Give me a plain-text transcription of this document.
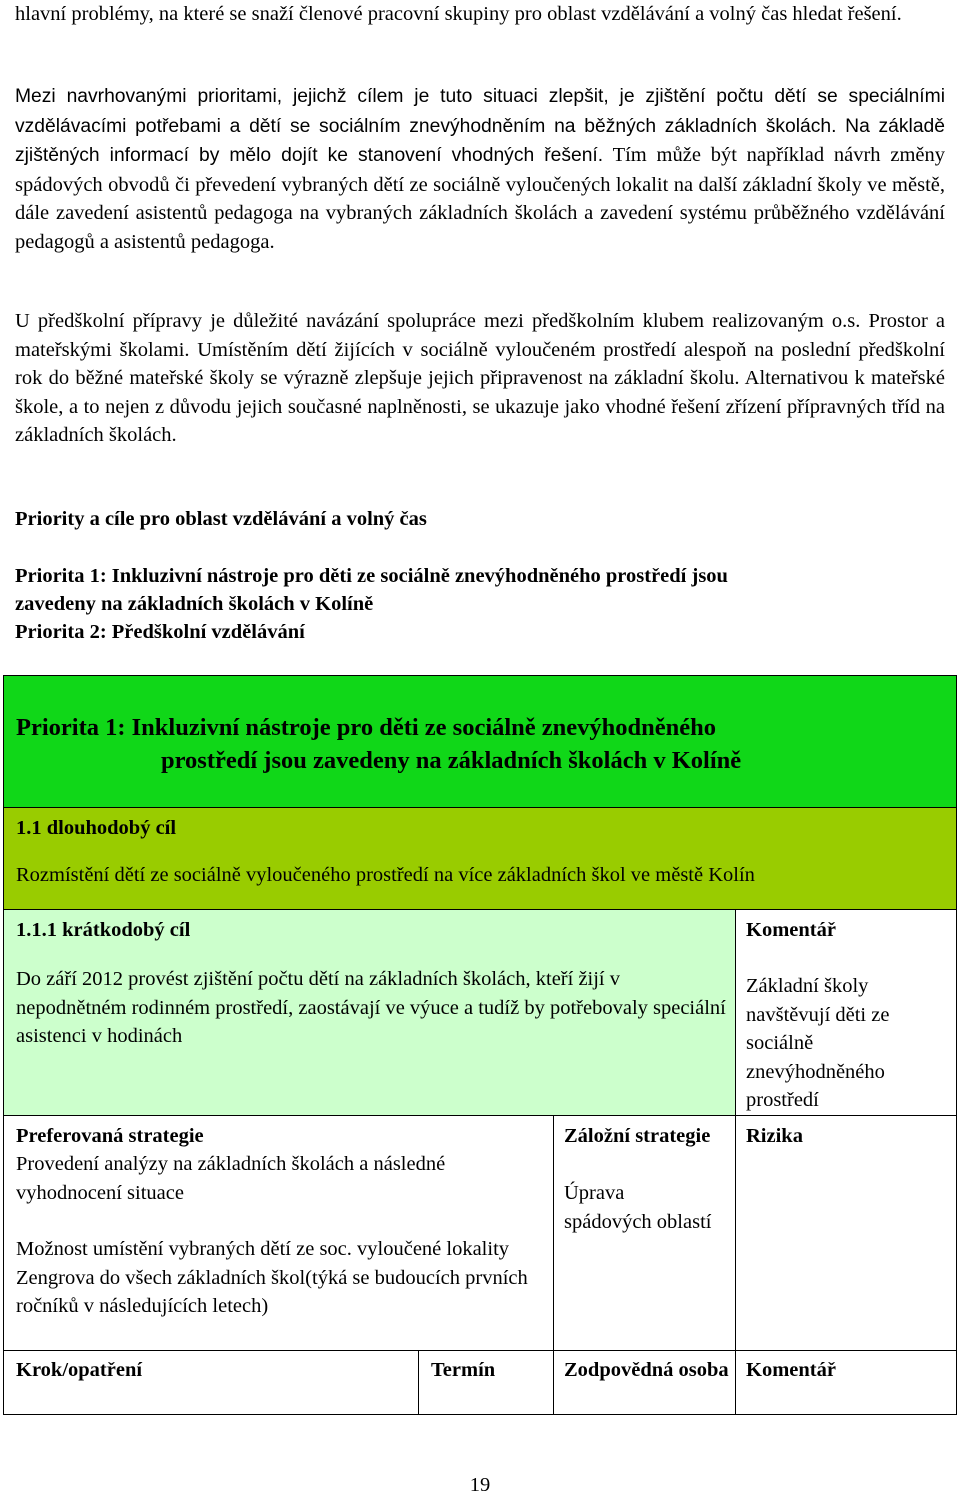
hlavní problémy, na které se snaží členové pracovní skupiny pro oblast vzdělávání a volný čas hledat řešení.

Mezi navrhovanými prioritami, jejichž cílem je tuto situaci zlepšit, je zjištění počtu dětí se speciálními vzdělávacími potřebami a dětí se sociálním znevýhodněním na běžných základních školách. Na základě zjištěných informací by mělo dojít ke stanovení vhodných řešení. Tím může být například návrh změny spádových obvodů či převedení vybraných dětí ze sociálně vyloučených lokalit na další základní školy ve městě, dále zavedení asistentů pedagoga na vybraných základních školách a zavedení systému průběžného vzdělávání pedagogů a asistentů pedagoga.

U předškolní přípravy je důležité navázání spolupráce mezi předškolním klubem realizovaným o.s. Prostor a mateřskými školami. Umístěním dětí žijících v sociálně vyloučeném prostředí alespoň na poslední předškolní rok do běžné mateřské školy se výrazně zlepšuje jejich připravenost na základní školu. Alternativou k mateřské škole, a to nejen z důvodu jejich současné naplněnosti, se ukazuje jako vhodné řešení zřízení přípravných tříd na základních školách.

Priority a cíle pro oblast vzdělávání a volný čas

Priorita 1: Inkluzivní nástroje pro děti ze sociálně znevýhodněného prostředí jsou

zavedeny na základních školách v Kolíně

Priorita 2: Předškolní vzdělávání

Priorita 1: Inkluzivní nástroje pro děti ze sociálně znevýhodněného
prostředí jsou zavedeny na základních školách v Kolíně
1.1 dlouhodobý cíl
Rozmístění dětí ze sociálně vyloučeného prostředí na více základních škol ve městě Kolín
1.1.1 krátkodobý cíl
Do září 2012 provést zjištění počtu dětí na základních školách, kteří žijí v nepodnětném rodinném prostředí, zaostávají ve výuce a tudíž by potřebovaly speciální asistenci v hodinách
Komentář
Základní školy navštěvují děti ze sociálně znevýhodněného prostředí
Preferovaná strategie
Provedení analýzy na základních školách a následné vyhodnocení situace
Možnost umístění vybraných dětí ze soc. vyloučené lokality Zengrova do všech základních škol(týká se budoucích prvních ročníků v následujících letech)
Záložní strategie
Úprava spádových oblastí
Rizika
Krok/opatření	Termín	Zodpovědná osoba Komentář
19
